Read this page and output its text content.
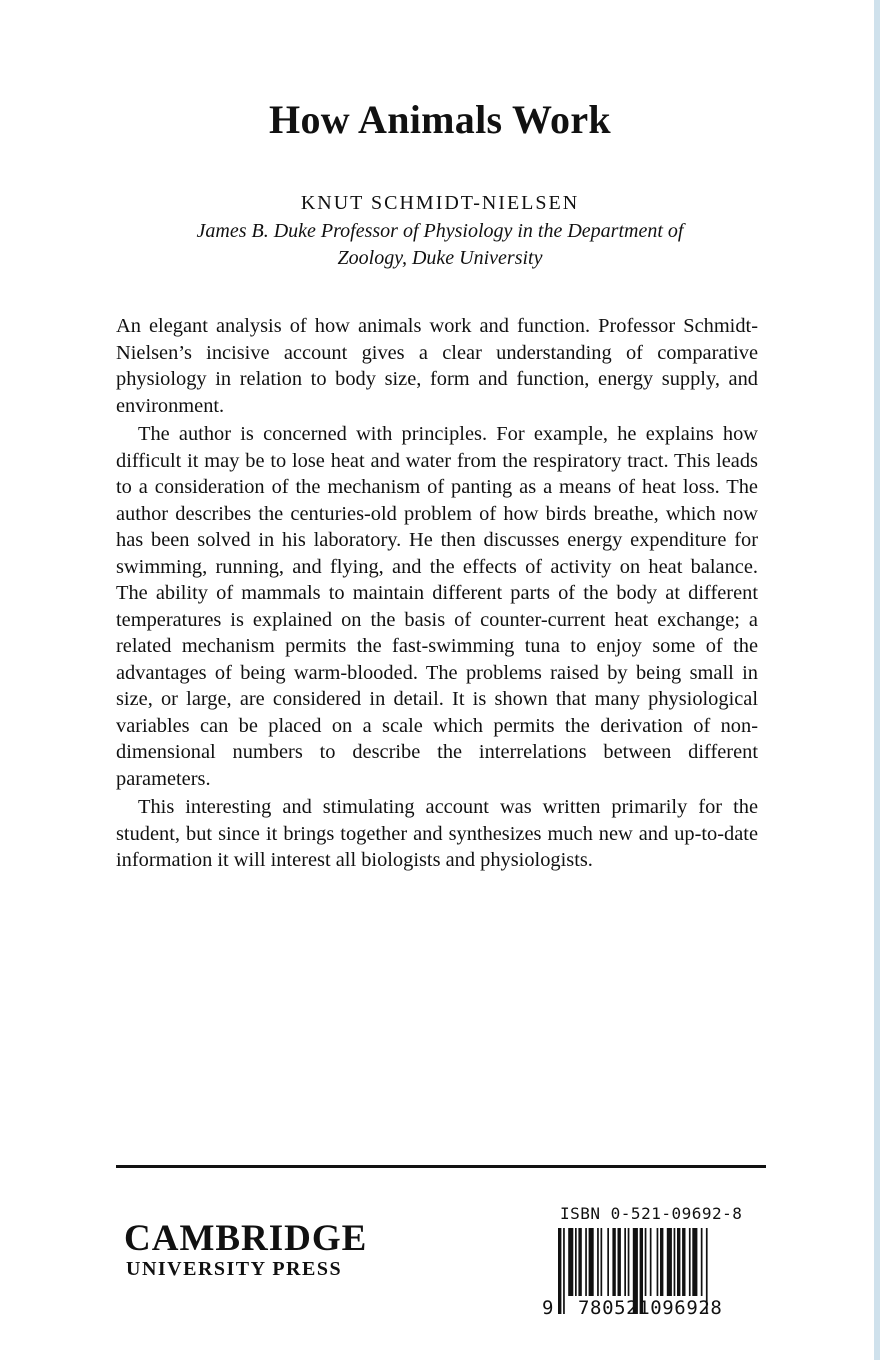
How Animals Work
KNUT SCHMIDT-NIELSEN
James B. Duke Professor of Physiology in the Department of Zoology, Duke University

An elegant analysis of how animals work and function. Professor Schmidt-Nielsen’s incisive account gives a clear understanding of comparative physiology in relation to body size, form and function, energy supply, and environment.

The author is concerned with principles. For example, he explains how difficult it may be to lose heat and water from the respiratory tract. This leads to a consideration of the mechanism of panting as a means of heat loss. The author describes the centuries-old problem of how birds breathe, which now has been solved in his laboratory. He then discusses energy expenditure for swimming, running, and flying, and the effects of activity on heat balance. The ability of mammals to maintain different parts of the body at different temperatures is explained on the basis of counter-current heat exchange; a related mechanism permits the fast-swimming tuna to enjoy some of the advantages of being warm-blooded. The problems raised by being small in size, or large, are considered in detail. It is shown that many physiological variables can be placed on a scale which permits the derivation of non-dimensional numbers to describe the interrelations between different parameters.

This interesting and stimulating account was written primarily for the student, but since it brings together and synthesizes much new and up-to-date information it will interest all biologists and physiologists.

CAMBRIDGE
UNIVERSITY PRESS
ISBN 0-521-09692-8
9 780521096928
